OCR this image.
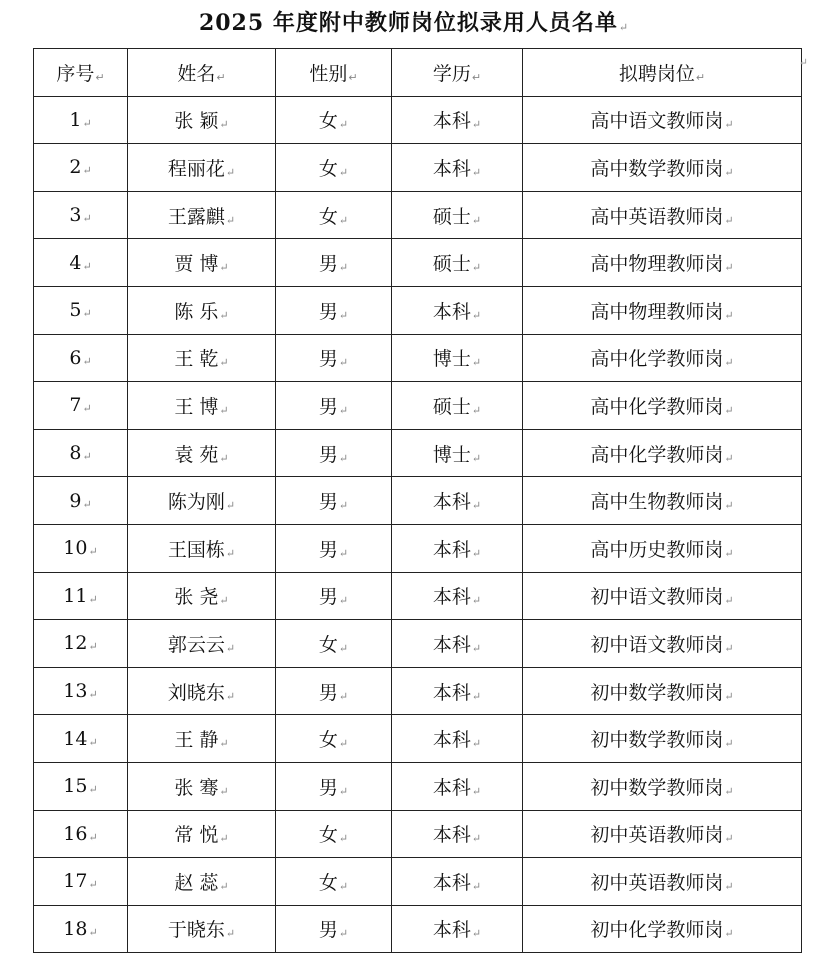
2025 年度附中教师岗位拟录用人员名单↵
序号↵	姓名↵	性别↵	学历↵	拟聘岗位↵
1↵	张 颖↵	女↵	本科↵	高中语文教师岗↵
2↵	程丽花↵	女↵	本科↵	高中数学教师岗↵
3↵	王露麒↵	女↵	硕士↵	高中英语教师岗↵
4↵	贾 博↵	男↵	硕士↵	高中物理教师岗↵
5↵	陈 乐↵	男↵	本科↵	高中物理教师岗↵
6↵	王 乾↵	男↵	博士↵	高中化学教师岗↵
7↵	王 博↵	男↵	硕士↵	高中化学教师岗↵
8↵	袁 苑↵	男↵	博士↵	高中化学教师岗↵
9↵	陈为刚↵	男↵	本科↵	高中生物教师岗↵
10↵	王国栋↵	男↵	本科↵	高中历史教师岗↵
11↵	张 尧↵	男↵	本科↵	初中语文教师岗↵
12↵	郭云云↵	女↵	本科↵	初中语文教师岗↵
13↵	刘晓东↵	男↵	本科↵	初中数学教师岗↵
14↵	王 静↵	女↵	本科↵	初中数学教师岗↵
15↵	张 骞↵	男↵	本科↵	初中数学教师岗↵
16↵	常 悦↵	女↵	本科↵	初中英语教师岗↵
17↵	赵 蕊↵	女↵	本科↵	初中英语教师岗↵
18↵	于晓东↵	男↵	本科↵	初中化学教师岗↵
↵
